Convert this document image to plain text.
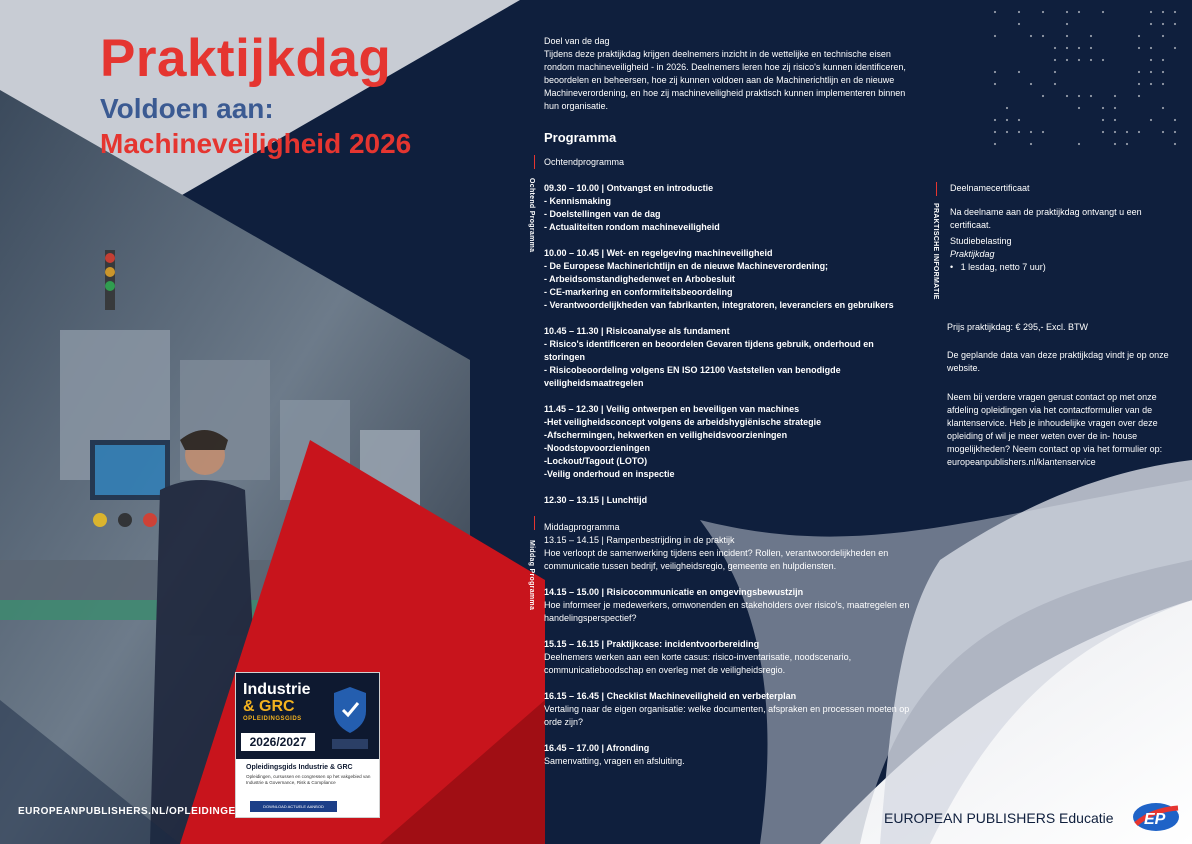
Praktijkdag
Voldoen aan:
Machineveiligheid 2026
Doel van de dag
Tijdens deze praktijkdag krijgen deelnemers inzicht in de wettelijke en technische eisen rondom machineveiligheid - in 2026. Deelnemers leren hoe zij risico's kunnen identificeren, beoordelen en beheersen, hoe zij kunnen voldoen aan de Machinerichtlijn en de nieuwe Machineverordening, en hoe zij machineveiligheid praktisch kunnen implementeren binnen hun organisatie.
Programma
Ochtend Programma
Middag Programma
Ochtendprogramma
09.30 – 10.00 | Ontvangst en introductie
- Kennismaking
- Doelstellingen van de dag
- Actualiteiten rondom machineveiligheid
10.00 – 10.45 | Wet- en regelgeving machineveiligheid
- De Europese Machinerichtlijn en de nieuwe Machineverordening;
- Arbeidsomstandighedenwet en Arbobesluit
- CE-markering en conformiteitsbeoordeling
- Verantwoordelijkheden van fabrikanten, integratoren, leveranciers en gebruikers
10.45 – 11.30 | Risicoanalyse als fundament
- Risico's identificeren en beoordelen Gevaren tijdens gebruik, onderhoud en storingen
- Risicobeoordeling volgens EN ISO 12100 Vaststellen van benodigde veiligheidsmaatregelen
11.45 – 12.30 | Veilig ontwerpen en beveiligen van machines
-Het veiligheidsconcept volgens de arbeidshygiënische strategie
-Afschermingen, hekwerken en veiligheidsvoorzieningen
-Noodstopvoorzieningen
-Lockout/Tagout (LOTO)
-Veilig onderhoud en inspectie
12.30 – 13.15 | Lunchtijd
Middagprogramma
13.15 – 14.15 | Rampenbestrijding in de praktijk
Hoe verloopt de samenwerking tijdens een incident? Rollen, verantwoordelijkheden en communicatie tussen bedrijf, veiligheidsregio, gemeente en hulpdiensten.
14.15 – 15.00 | Risicocommunicatie en omgevingsbewustzijn
Hoe informeer je medewerkers, omwonenden en stakeholders over risico's, maatregelen en handelingsperspectief?
15.15 – 16.15 | Praktijkcase: incidentvoorbereiding
Deelnemers werken aan een korte casus: risico-inventarisatie, noodscenario, communicatieboodschap en overleg met de veiligheidsregio.
16.15 – 16.45 | Checklist Machineveiligheid en verbeterplan
Vertaling naar de eigen organisatie: welke documenten, afspraken en processen moeten op orde zijn?
16.45 – 17.00 | Afronding
Samenvatting, vragen en afsluiting.
PRAKTISCHE INFORMATIE
Deelnamecertificaat
Na deelname aan de praktijkdag ontvangt u een certificaat.
Studiebelasting
Praktijkdag
•   1 lesdag, netto 7 uur)
Prijs praktijkdag: € 295,- Excl. BTW
De geplande data van deze praktijkdag vindt je op onze website.
Neem bij verdere vragen gerust contact op met onze afdeling opleidingen via het contactformulier van de klantenservice. Heb je inhoudelijke vragen over deze opleiding of wil je meer weten over de in- house mogelijkheden? Neem contact op via het formulier op: europeanpublishers.nl/klantenservice
Industrie
& GRC
OPLEIDINGSGIDS
2026/2027
Opleidingsgids Industrie & GRC
Opleidingen, cursussen en congressen op het vakgebied van Industrie & Governance, Risk & Compliance
DOWNLOAD ACTUELE AANBOD
EUROPEANPUBLISHERS.NL/OPLEIDINGEN	EUROPEAN PUBLISHERS Educatie EP
